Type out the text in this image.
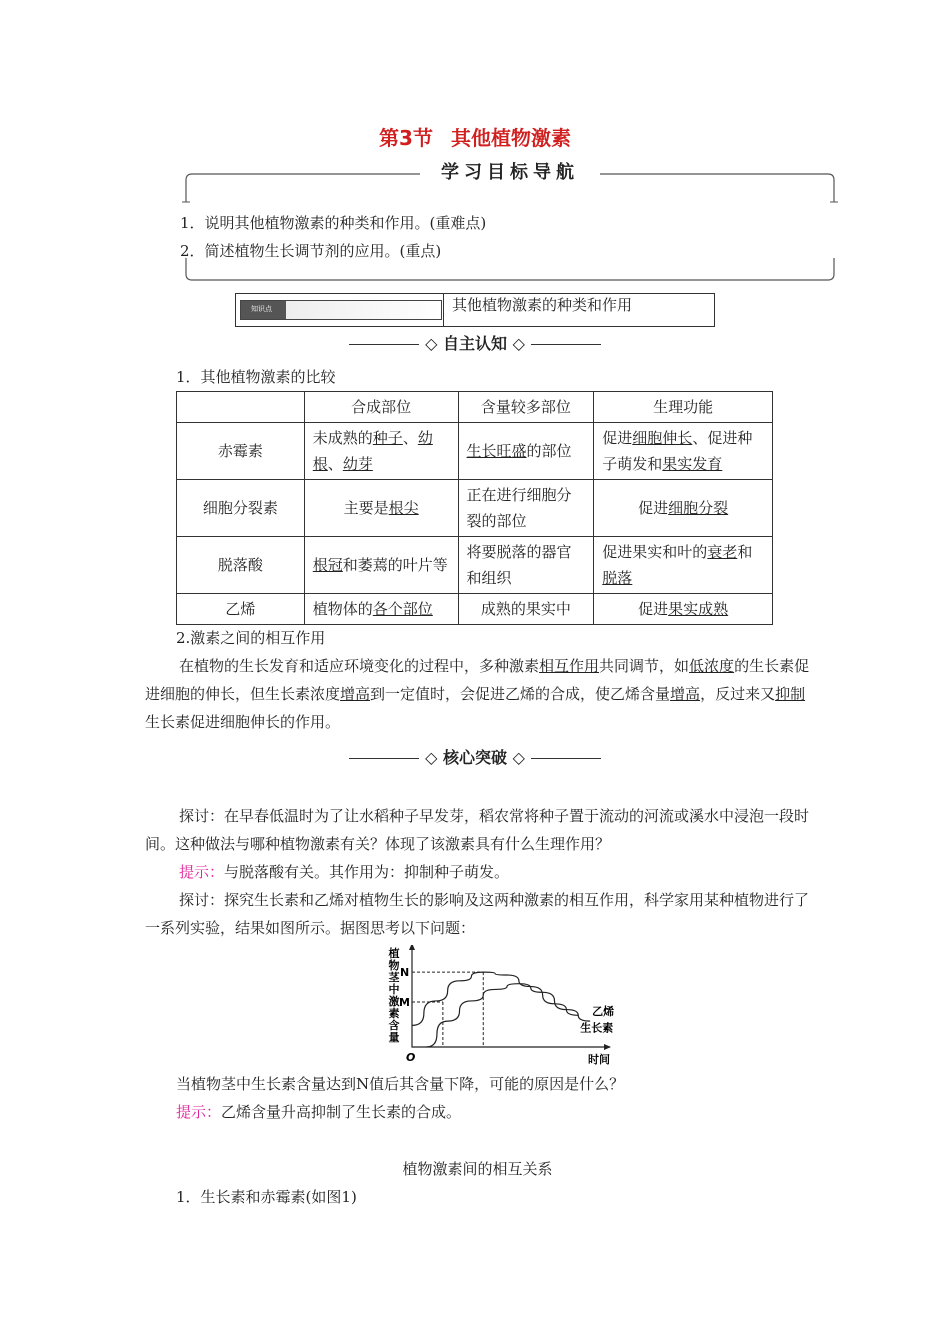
第3节 其他植物激素
学习目标导航
1．说明其他植物激素的种类和作用。(重难点)
2．简述植物生长调节剂的应用。(重点)
知识点	其他植物激素的种类和作用
◇ 自主认知 ◇
1．其他植物激素的比较
	合成部位	含量较多部位	生理功能
赤霉素	未成熟的种子、幼根、幼芽	生长旺盛的部位	促进细胞伸长、促进种子萌发和果实发育
细胞分裂素	主要是根尖	正在进行细胞分裂的部位	促进细胞分裂
脱落酸	根冠和萎蔫的叶片等	将要脱落的器官和组织	促进果实和叶的衰老和脱落
乙烯	植物体的各个部位	成熟的果实中	促进果实成熟
2.激素之间的相互作用
在植物的生长发育和适应环境变化的过程中，多种激素相互作用共同调节，如低浓度的生长素促进细胞的伸长，但生长素浓度增高到一定值时，会促进乙烯的合成，使乙烯含量增高，反过来又抑制生长素促进细胞伸长的作用。
◇ 核心突破 ◇
探讨：在早春低温时为了让水稻种子早发芽，稻农常将种子置于流动的河流或溪水中浸泡一段时间。这种做法与哪种植物激素有关？体现了该激素具有什么生理作用？
提示：与脱落酸有关。其作用为：抑制种子萌发。
探讨：探究生长素和乙烯对植物生长的影响及这两种激素的相互作用，科学家用某种植物进行了一系列实验，结果如图所示。据图思考以下问题：
植
物
茎
中
激
素
含
量
O	时间
生长素
乙烯
N
M
当植物茎中生长素含量达到N值后其含量下降，可能的原因是什么？
提示：乙烯含量升高抑制了生长素的合成。
植物激素间的相互关系
1．生长素和赤霉素(如图1)
